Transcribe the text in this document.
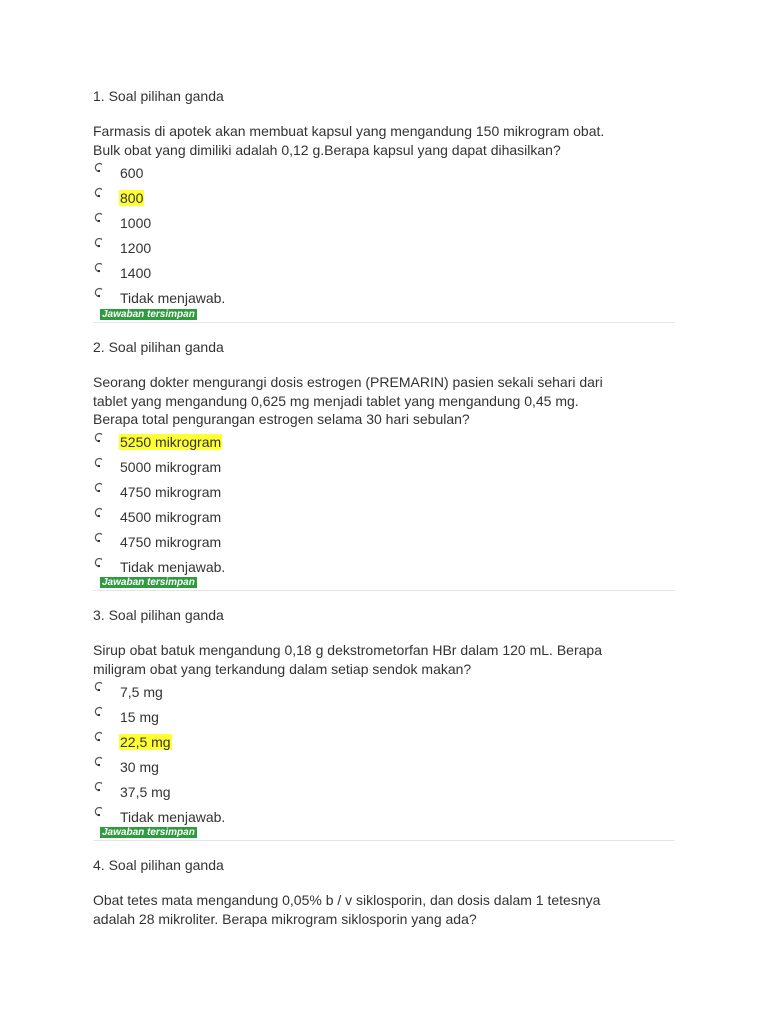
1. Soal pilihan ganda
Farmasis di apotek akan membuat kapsul yang mengandung 150 mikrogram obat.
Bulk obat yang dimiliki adalah 0,12 g.Berapa kapsul yang dapat dihasilkan?
600
800
1000
1200
1400
Tidak menjawab.
Jawaban tersimpan
2. Soal pilihan ganda
Seorang dokter mengurangi dosis estrogen (PREMARIN) pasien sekali sehari dari
tablet yang mengandung 0,625 mg menjadi tablet yang mengandung 0,45 mg.
Berapa total pengurangan estrogen selama 30 hari sebulan?
5250 mikrogram
5000 mikrogram
4750 mikrogram
4500 mikrogram
4750 mikrogram
Tidak menjawab.
Jawaban tersimpan
3. Soal pilihan ganda
Sirup obat batuk mengandung 0,18 g dekstrometorfan HBr dalam 120 mL. Berapa
miligram obat yang terkandung dalam setiap sendok makan?
7,5 mg
15 mg
22,5 mg
30 mg
37,5 mg
Tidak menjawab.
Jawaban tersimpan
4. Soal pilihan ganda
Obat tetes mata mengandung 0,05% b / v siklosporin, dan dosis dalam 1 tetesnya
adalah 28 mikroliter. Berapa mikrogram siklosporin yang ada?
